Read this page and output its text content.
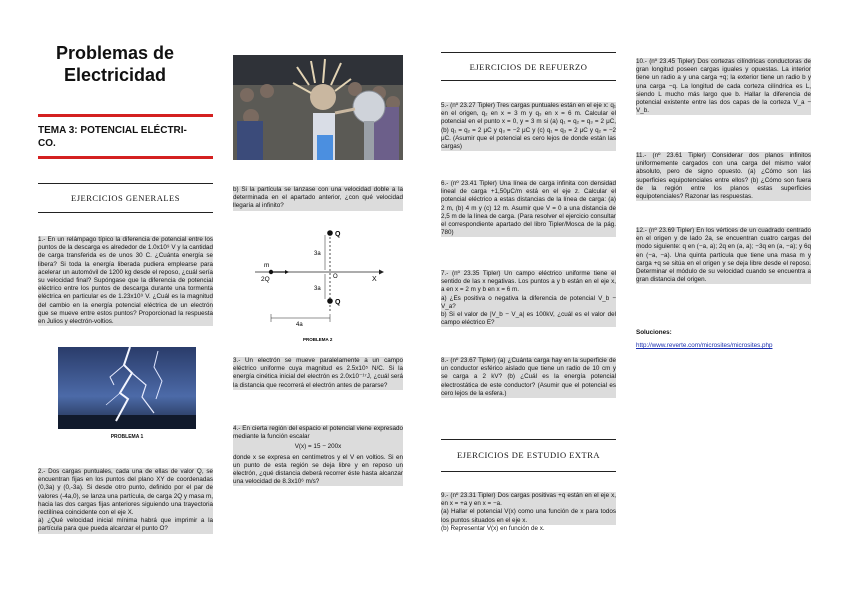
Problemas de
Electricidad
TEMA 3: POTENCIAL ELÉCTRI-
CO.
EJERCICIOS GENERALES
1.- En un relámpago típico la diferencia de potencial entre los puntos de la descarga es alrededor de 1.0x10⁹ V y la cantidad de carga transferida es de unos 30 C. ¿Cuánta energía se libera? Si toda la energía liberada pudiera emplearse para acelerar un automóvil de 1200 kg desde el reposo, ¿cuál sería su velocidad final? Supóngase que la diferencia de potencial eléctrico entre los puntos de descarga durante una tormenta eléctrica en particular es de 1.23x10⁹ V. ¿Cuál es la magnitud del cambio en la energía potencial eléctrica de un electrón que se mueve entre estos puntos? Proporcionad la respuesta en Julios y electrón-voltios.
PROBLEMA 1
2.- Dos cargas puntuales, cada una de ellas de valor Q, se encuentran fijas en los puntos del plano XY de coordenadas (0,3a) y (0,-3a). Si desde otro punto, definido por el par de valores (-4a,0), se lanza una partícula, de carga 2Q y masa m, hacia las dos cargas fijas anteriores siguiendo una trayectoria rectilínea coincidente con el eje X.
a) ¿Qué velocidad inicial mínima habrá que imprimir a la partícula para que pueda alcanzar el punto O?
b) Si la partícula se lanzase con una velocidad doble a la determinada en el apartado anterior, ¿con qué velocidad llegaría al infinito?
Q
Q
m
2Q	O	X
3a
3a
4a
PROBLEMA 2
3.- Un electrón se mueve paralelamente a un campo eléctrico uniforme cuya magnitud es 2.5x10⁵ N/C. Si la energía cinética inicial del electrón es 2.0x10⁻¹⁷J, ¿cuál será la distancia que recorrerá el electrón antes de pararse?
4.- En cierta región del espacio el potencial viene expresado mediante la función escalar
V(x) = 15 − 200x
donde x se expresa en centímetros y el V en voltios. Si en un punto de esta región se deja libre y en reposo un electrón, ¿qué distancia deberá recorrer éste hasta alcanzar una velocidad de 8.3x10⁶ m/s?
EJERCICIOS DE REFUERZO
5.- (nº 23.27 Tipler) Tres cargas puntuales están en el eje x: q₁ en el origen, q₂ en x = 3 m y q₃ en x = 6 m. Calcular el potencial en el punto x = 0, y = 3 m si (a) q₁ = q₂ = q₃ = 2 μC, (b) q₁ = q₂ = 2 μC y q₃ = −2 μC y (c) q₁ = q₃ = 2 μC y q₂ = −2 μC. (Asumir que el potencial es cero lejos de donde están las cargas)
6.- (nº 23.41 Tipler) Una línea de carga infinita con densidad lineal de carga +1,50μC/m está en el eje z. Calcular el potencial eléctrico a estas distancias de la línea de carga: (a) 2 m, (b) 4 m y (c) 12 m. Asumir que V = 0 a una distancia de 2,5 m de la línea de carga. (Para resolver el ejercicio consultar el correspondiente apartado del libro Tipler/Mosca de la pág. 780)
7.- (nº 23.35 Tipler) Un campo eléctrico uniforme tiene el sentido de las x negativas. Los puntos a y b están en el eje x, a en x = 2 m y b en x = 6 m.
a) ¿Es positiva o negativa la diferencia de potencial V_b − V_a?
b) Si el valor de |V_b − V_a| es 100kV, ¿cuál es el valor del campo eléctrico E?
8.- (nº 23.67 Tipler) (a) ¿Cuánta carga hay en la superficie de un conductor esférico aislado que tiene un radio de 10 cm y se carga a 2 kV? (b) ¿Cuál es la energía potencial electrostática de este conductor? (Asumir que el potencial es cero lejos de la esfera.)
EJERCICIOS DE ESTUDIO EXTRA
9.- (nº 23.31 Tipler) Dos cargas positivas +q están en el eje x, en x = +a y en x = −a.
(a) Hallar el potencial V(x) como una función de x para todos los puntos situados en el eje x.
(b) Representar V(x) en función de x.
10.- (nº 23.45 Tipler) Dos cortezas cilíndricas conductoras de gran longitud poseen cargas iguales y opuestas. La interior tiene un radio a y una carga +q; la exterior tiene un radio b y una carga −q. La longitud de cada corteza cilíndrica es L, siendo L mucho más largo que b. Hallar la diferencia de potencial existente entre las dos capas de la corteza V_a − V_b.
11.- (nº 23.61 Tipler) Considerar dos planos infinitos uniformemente cargados con una carga del mismo valor absoluto, pero de signo opuesto. (a) ¿Cómo son las superficies equipotenciales entre ellos? (b) ¿Cómo son fuera de la región entre los planos estas superficies equipotenciales? Razonar las respuestas.
12.- (nº 23.69 Tipler) En los vértices de un cuadrado centrado en el origen y de lado 2a, se encuentran cuatro cargas del modo siguiente: q en (−a, a); 2q en (a, a); −3q en (a, −a); y 6q en (−a, −a). Una quinta partícula que tiene una masa m y carga +q se sitúa en el origen y se deja libre desde el reposo. Determinar el módulo de su velocidad cuando se encuentra a gran distancia del origen.
Soluciones:
http://www.reverte.com/microsites/microsites.php
